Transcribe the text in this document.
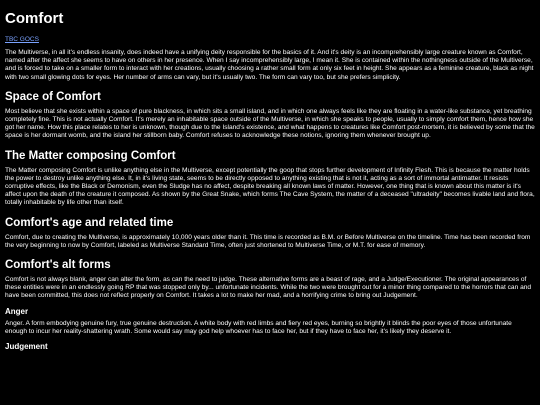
Comfort
TBC GOCS

The Multiverse, in all it's endless insanity, does indeed have a unifying deity responsible for the basics of it. And it's deity is an incomprehensibly large creature known as Comfort, named after the affect she seems to have on others in her presence. When I say incomprehensibly large, I mean it. She is contained within the nothingness outside of the Multiverse, and is forced to take on a smaller form to interact with her creations, usually choosing a rather small form at only six feet in height. She appears as a feminine creature, black as night with two small glowing dots for eyes. Her number of arms can vary, but it's usually two. The form can vary too, but she prefers simplicity.

Space of Comfort

Most believe that she exists within a space of pure blackness, in which sits a small island, and in which one always feels like they are floating in a water-like substance, yet breathing completely fine. This is not actually Comfort. It's merely an inhabitable space outside of the Multiverse, in which she speaks to people, usually to simply comfort them, hence how she got her name. How this place relates to her is unknown, though due to the Island's existence, and what happens to creatures like Comfort post-mortem, it is believed by some that the space is her dormant womb, and the island her stillborn baby. Comfort refuses to acknowledge these notions, ignoring them whenever brought up.

The Matter composing Comfort

The Matter composing Comfort is unlike anything else in the Multiverse, except potentially the goop that stops further development of Infinity Flesh. This is because the matter holds the power to destroy unlike anything else. It, in it's living state, seems to be directly opposed to anything existing that is not it, acting as a sort of immortal antimatter. It resists corruptive effects, like the Black or Demonism, even the Sludge has no affect, despite breaking all known laws of matter. However, one thing that is known about this matter is it's affect upon the death of the creature it composed. As shown by the Great Snake, which forms The Cave System, the matter of a deceased "ultradeity" becomes livable land and flora, totally inhabitable by life other than itself.

Comfort's age and related time

Comfort, due to creating the Multiverse, is approximately 10,000 years older than it. This time is recorded as B.M. or Before Multiverse on the timeline. Time has been recorded from the very beginning to now by Comfort, labeled as Multiverse Standard Time, often just shortened to Multiverse Time, or M.T. for ease of memory.

Comfort's alt forms

Comfort is not always blank, anger can alter the form, as can the need to judge. These alternative forms are a beast of rage, and a Judge/Executioner. The original appearances of these entities were in an endlessly going RP that was stopped only by... unfortunate incidents. While the two were brought out for a minor thing compared to the horrors that can and have been committed, this does not reflect properly on Comfort. It takes a lot to make her mad, and a horrifying crime to bring out Judgement.

Anger

Anger. A form embodying genuine fury, true genuine destruction. A white body with red limbs and fiery red eyes, burning so brightly it blinds the poor eyes of those unfortunate enough to incur her reality-shattering wrath. Some would say may god help whoever has to face her, but if they have to face her, it's likely they deserve it.

Judgement
